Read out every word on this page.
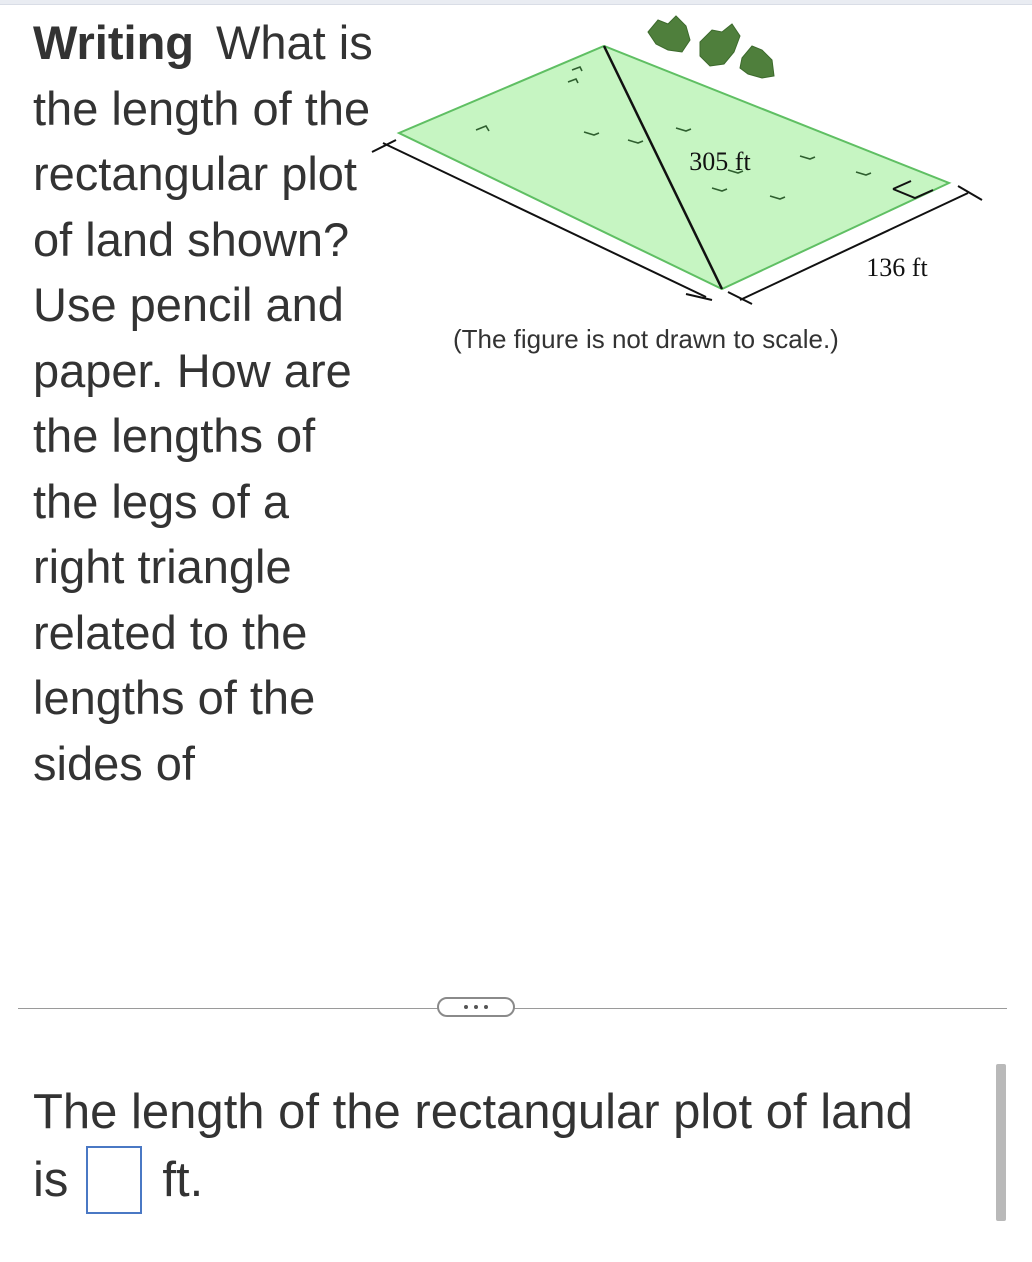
Writing What is the length of the rectangular plot of land shown? Use pencil and paper. How are the lengths of the legs of a right triangle related to the lengths of the sides of

305 ft
136 ft
(The figure is not drawn to scale.)
The length of the rectangular plot of land
is ft.
